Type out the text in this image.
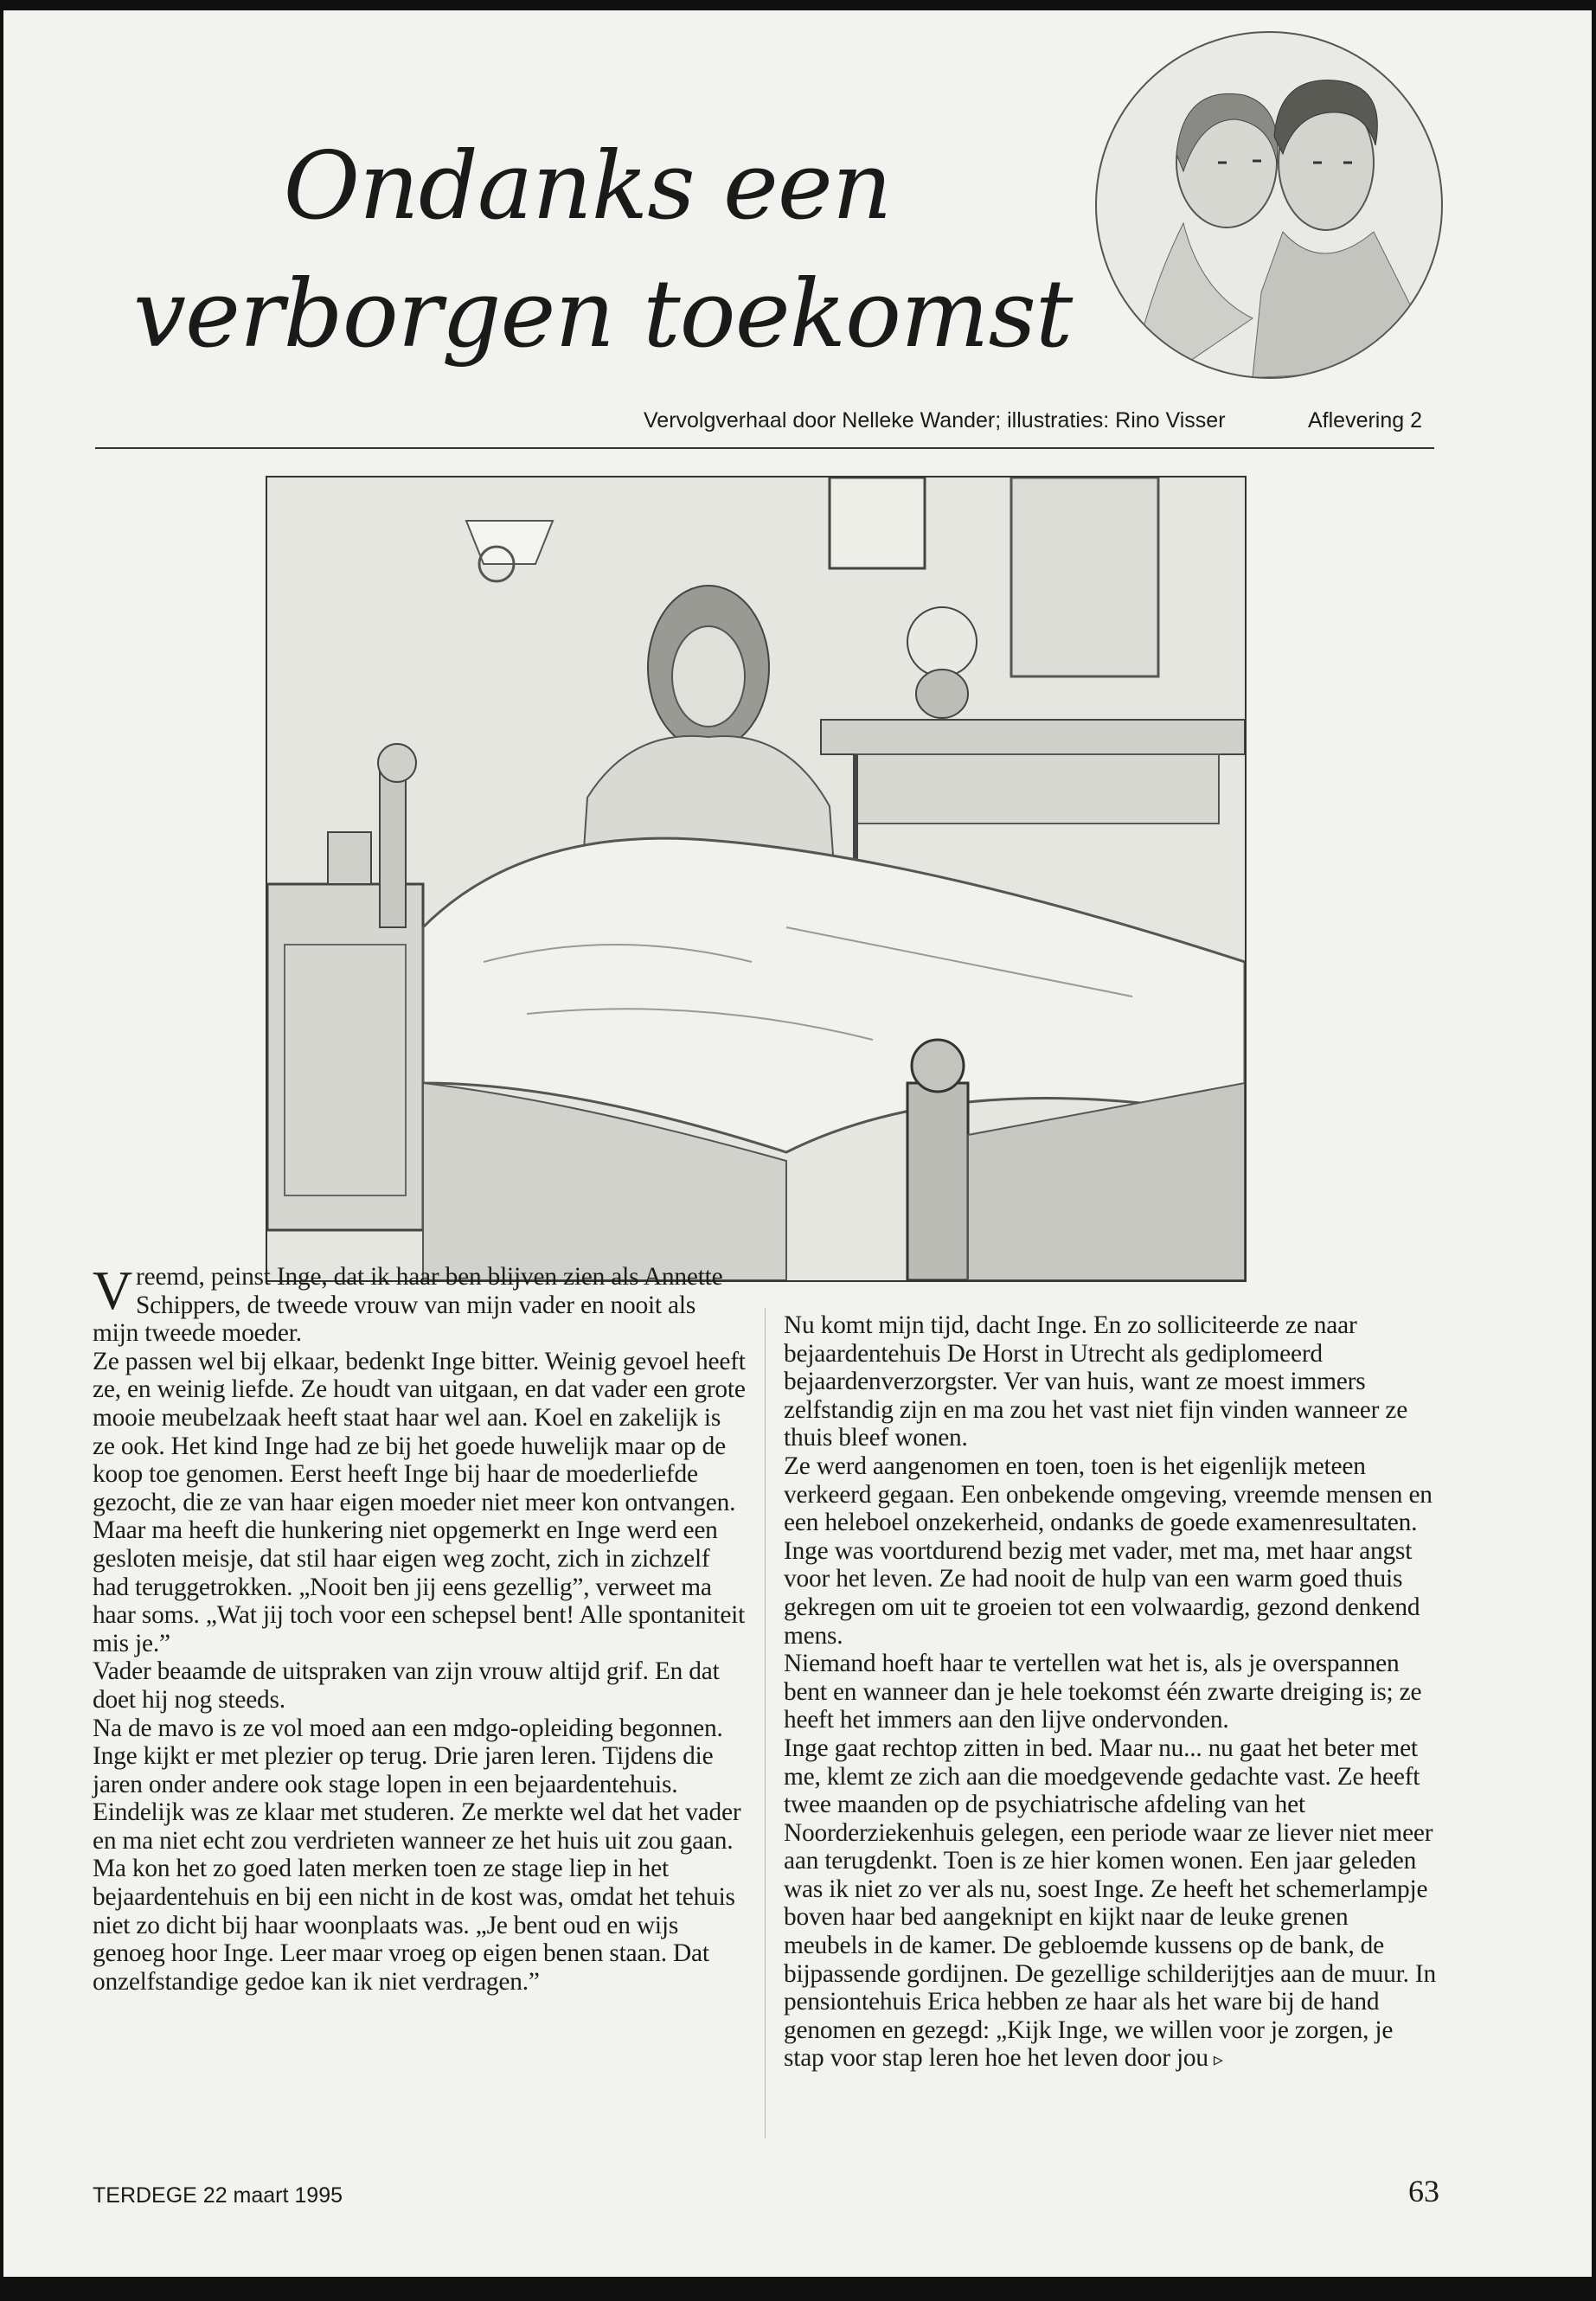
Ondanks een
verborgen toekomst
Vervolgverhaal door Nelleke Wander; illustraties: Rino Visser	Aflevering 2

Vreemd, peinst Inge, dat ik haar ben blijven zien als Annette Schippers, de tweede vrouw van mijn vader en nooit als mijn tweede moeder.

Ze passen wel bij elkaar, bedenkt Inge bitter. Weinig gevoel heeft ze, en weinig liefde. Ze houdt van uitgaan, en dat vader een grote mooie meubelzaak heeft staat haar wel aan. Koel en zakelijk is ze ook. Het kind Inge had ze bij het goede huwelijk maar op de koop toe genomen. Eerst heeft Inge bij haar de moederliefde gezocht, die ze van haar eigen moeder niet meer kon ontvangen. Maar ma heeft die hunkering niet opgemerkt en Inge werd een gesloten meisje, dat stil haar eigen weg zocht, zich in zichzelf had teruggetrokken. „Nooit ben jij eens gezellig”, verweet ma haar soms. „Wat jij toch voor een schepsel bent! Alle spontaniteit mis je.”

Vader beaamde de uitspraken van zijn vrouw altijd grif. En dat doet hij nog steeds.

Na de mavo is ze vol moed aan een mdgo-opleiding begonnen. Inge kijkt er met plezier op terug. Drie jaren leren. Tijdens die jaren onder andere ook stage lopen in een bejaardentehuis.

Eindelijk was ze klaar met studeren. Ze merkte wel dat het vader en ma niet echt zou verdrieten wanneer ze het huis uit zou gaan. Ma kon het zo goed laten merken toen ze stage liep in het bejaardentehuis en bij een nicht in de kost was, omdat het tehuis niet zo dicht bij haar woonplaats was. „Je bent oud en wijs genoeg hoor Inge. Leer maar vroeg op eigen benen staan. Dat onzelfstandige gedoe kan ik niet verdragen.”

Nu komt mijn tijd, dacht Inge. En zo solliciteerde ze naar bejaardentehuis De Horst in Utrecht als gediplomeerd bejaardenverzorgster. Ver van huis, want ze moest immers zelfstandig zijn en ma zou het vast niet fijn vinden wanneer ze thuis bleef wonen.

Ze werd aangenomen en toen, toen is het eigenlijk meteen verkeerd gegaan. Een onbekende omgeving, vreemde mensen en een heleboel onzekerheid, ondanks de goede examenresultaten. Inge was voortdurend bezig met vader, met ma, met haar angst voor het leven. Ze had nooit de hulp van een warm goed thuis gekregen om uit te groeien tot een volwaardig, gezond denkend mens.

Niemand hoeft haar te vertellen wat het is, als je overspannen bent en wanneer dan je hele toekomst één zwarte dreiging is; ze heeft het immers aan den lijve ondervonden.

Inge gaat rechtop zitten in bed. Maar nu... nu gaat het beter met me, klemt ze zich aan die moedgevende gedachte vast. Ze heeft twee maanden op de psychiatrische afdeling van het Noorderziekenhuis gelegen, een periode waar ze liever niet meer aan terugdenkt. Toen is ze hier komen wonen. Een jaar geleden was ik niet zo ver als nu, soest Inge. Ze heeft het schemerlampje boven haar bed aangeknipt en kijkt naar de leuke grenen meubels in de kamer. De gebloemde kussens op de bank, de bijpassende gordijnen. De gezellige schilderijtjes aan de muur. In pensiontehuis Erica hebben ze haar als het ware bij de hand genomen en gezegd: „Kijk Inge, we willen voor je zorgen, je stap voor stap leren hoe het leven door jou ▹

TERDEGE 22 maart 1995	63
